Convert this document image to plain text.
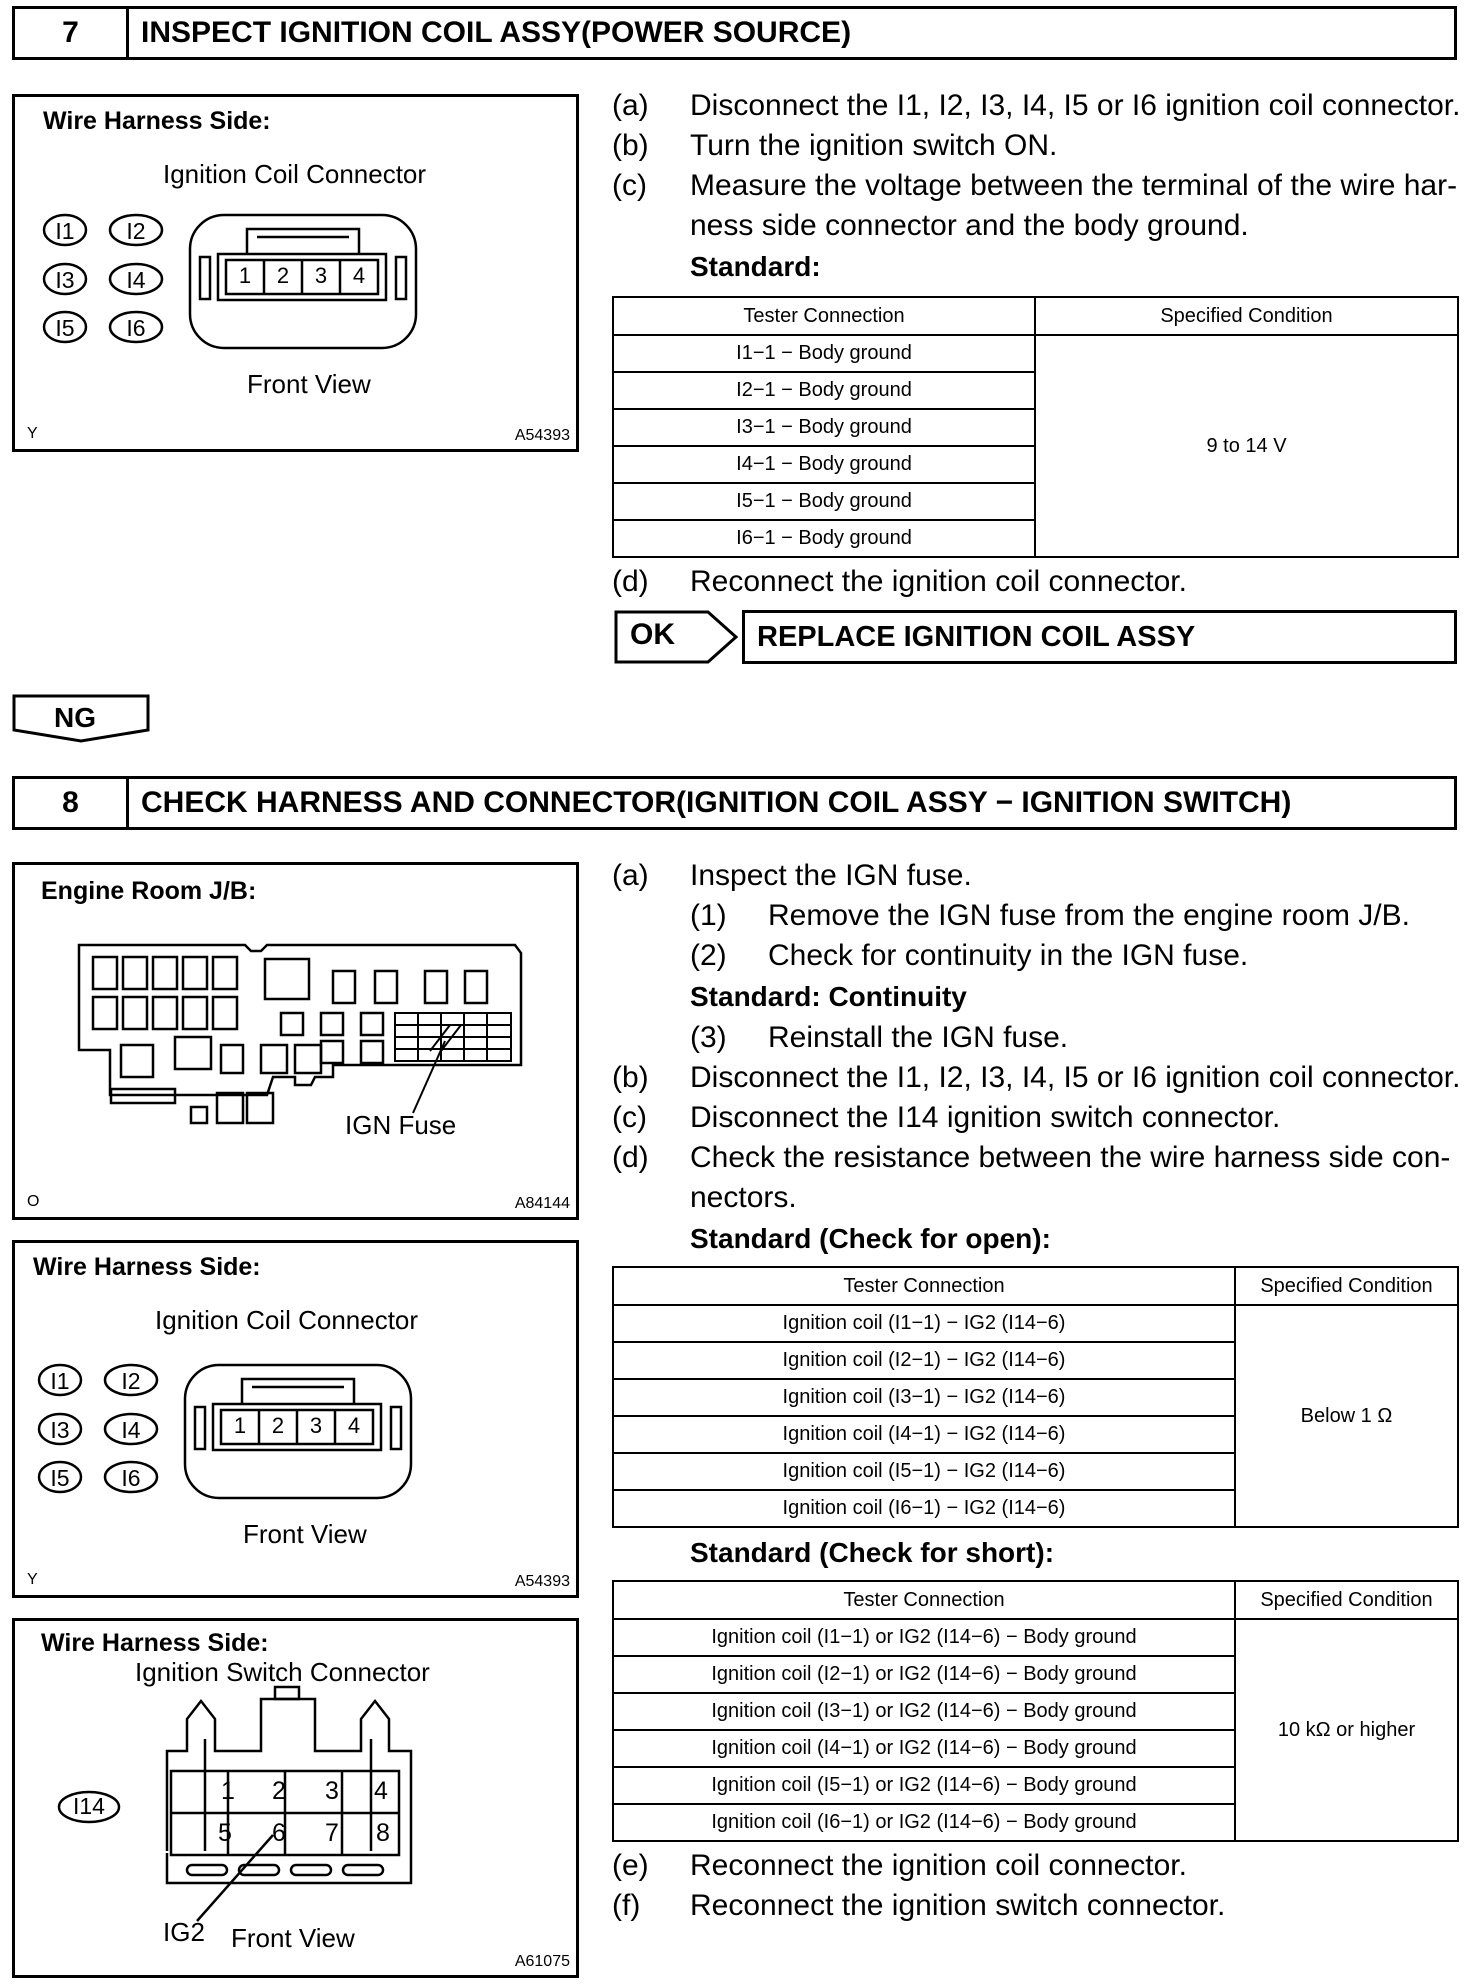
7	INSPECT IGNITION COIL ASSY(POWER SOURCE)
Wire Harness Side:
Ignition Coil Connector
I1 I2
I3 I4
I5 I6
1	2	3	4
Front View
Y	A54393
(a) Disconnect the I1, I2, I3, I4, I5 or I6 ignition coil connector.
(b) Turn the ignition switch ON.
(c) Measure the voltage between the terminal of the wire har-
ness side connector and the body ground.
Standard:
Tester Connection	Specified Condition
I1−1 − Body ground	9 to 14 V
I2−1 − Body ground	
I3−1 − Body ground	
I4−1 − Body ground	
I5−1 − Body ground	
I6−1 − Body ground	
(d) Reconnect the ignition coil connector.
OK	REPLACE IGNITION COIL ASSY
NG
8	CHECK HARNESS AND CONNECTOR(IGNITION COIL ASSY − IGNITION SWITCH)
Engine Room J/B:
IGN Fuse
O	A84144
Wire Harness Side:
Ignition Coil Connector
I1 I2
I3 I4
I5 I6
1	2	3	4
Front View
Y	A54393
Wire Harness Side:
Ignition Switch Connector
I14
1	2	3	4
5	6	7	8
IG2 Front View
A61075
(a) Inspect the IGN fuse.
(1) Remove the IGN fuse from the engine room J/B.
(2) Check for continuity in the IGN fuse.
Standard: Continuity
(3) Reinstall the IGN fuse.
(b) Disconnect the I1, I2, I3, I4, I5 or I6 ignition coil connector.
(c) Disconnect the I14 ignition switch connector.
(d) Check the resistance between the wire harness side con-
nectors.
Standard (Check for open):
Tester Connection	Specified Condition
Ignition coil (I1−1) − IG2 (I14−6)	Below 1 Ω
Ignition coil (I2−1) − IG2 (I14−6)	
Ignition coil (I3−1) − IG2 (I14−6)	
Ignition coil (I4−1) − IG2 (I14−6)	
Ignition coil (I5−1) − IG2 (I14−6)	
Ignition coil (I6−1) − IG2 (I14−6)	
Standard (Check for short):
Tester Connection	Specified Condition
Ignition coil (I1−1) or IG2 (I14−6) − Body ground	10 kΩ or higher
Ignition coil (I2−1) or IG2 (I14−6) − Body ground	
Ignition coil (I3−1) or IG2 (I14−6) − Body ground	
Ignition coil (I4−1) or IG2 (I14−6) − Body ground	
Ignition coil (I5−1) or IG2 (I14−6) − Body ground	
Ignition coil (I6−1) or IG2 (I14−6) − Body ground	
(e) Reconnect the ignition coil connector.
(f) Reconnect the ignition switch connector.
